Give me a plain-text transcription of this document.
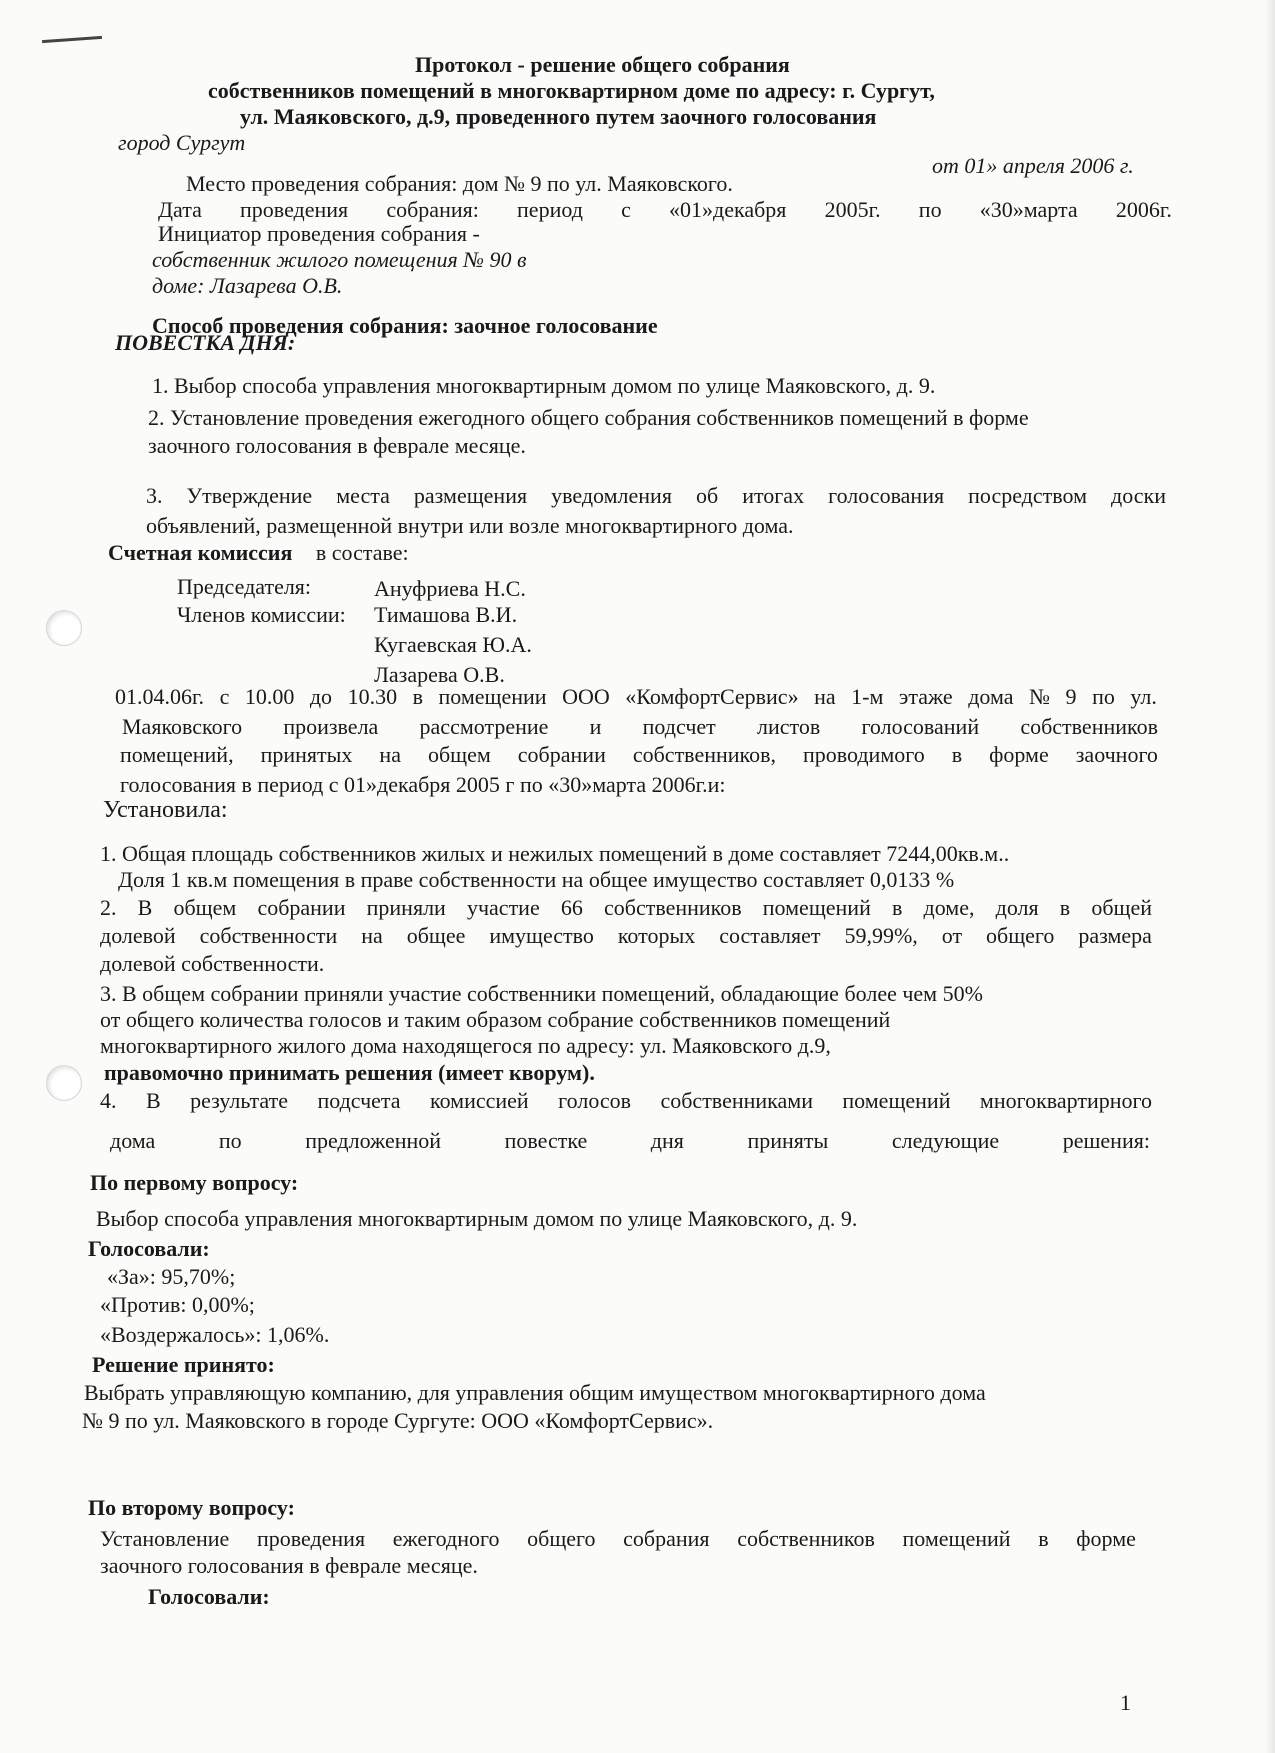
Протокол - решение общего собрания
собственников помещений в многоквартирном доме по адресу: г. Сургут,
ул. Маяковского, д.9, проведенного путем заочного голосования
город Сургут
от 01» апреля 2006 г.
Место проведения собрания: дом № 9 по ул. Маяковского.
Дата проведения собрания: период с «01»декабря 2005г. по «30»марта 2006г.
Инициатор проведения собрания -
собственник жилого помещения № 90 в
доме: Лазарева О.В.
Способ проведения собрания: заочное голосование
ПОВЕСТКА ДНЯ:
1. Выбор способа управления многоквартирным домом по улице Маяковского, д. 9.
2. Установление проведения ежегодного общего собрания собственников помещений в форме
заочного голосования в феврале месяце.
3. Утверждение места размещения уведомления об итогах голосования посредством доски
объявлений, размещенной внутри или возле многоквартирного дома.
Счетная комиссия в составе:
Председателя:	Ануфриева Н.С.
Членов комиссии: Тимашова В.И.
Кугаевская Ю.А.
Лазарева О.В.
01.04.06г. с 10.00 до 10.30 в помещении ООО «КомфортСервис» на 1-м этаже дома № 9 по ул.
Маяковского произвела рассмотрение и подсчет листов голосований собственников
помещений, принятых на общем собрании собственников, проводимого в форме заочного
голосования в период с 01»декабря 2005 г по «30»марта 2006г.и:
Установила:
1. Общая площадь собственников жилых и нежилых помещений в доме составляет 7244,00кв.м..
Доля 1 кв.м помещения в праве собственности на общее имущество составляет 0,0133 %
2. В общем собрании приняли участие 66 собственников помещений в доме, доля в общей
долевой собственности на общее имущество которых составляет 59,99%, от общего размера
долевой собственности.
3. В общем собрании приняли участие собственники помещений, обладающие более чем 50%
от общего количества голосов и таким образом собрание собственников помещений
многоквартирного жилого дома находящегося по адресу: ул. Маяковского д.9,
правомочно принимать решения (имеет кворум).
4. В результате подсчета комиссией голосов собственниками помещений многоквартирного
дома	по	предложенной	повестке	дня	приняты	следующие	решения:
По первому вопросу:
Выбор способа управления многоквартирным домом по улице Маяковского, д. 9.
Голосовали:
«За»: 95,70%;
«Против: 0,00%;
«Воздержалось»: 1,06%.
Решение принято:
Выбрать управляющую компанию, для управления общим имуществом многоквартирного дома
№ 9 по ул. Маяковского в городе Сургуте: ООО «КомфортСервис».
По второму вопросу:
Установление проведения ежегодного общего собрания собственников помещений в форме
заочного голосования в феврале месяце.
Голосовали:
1
